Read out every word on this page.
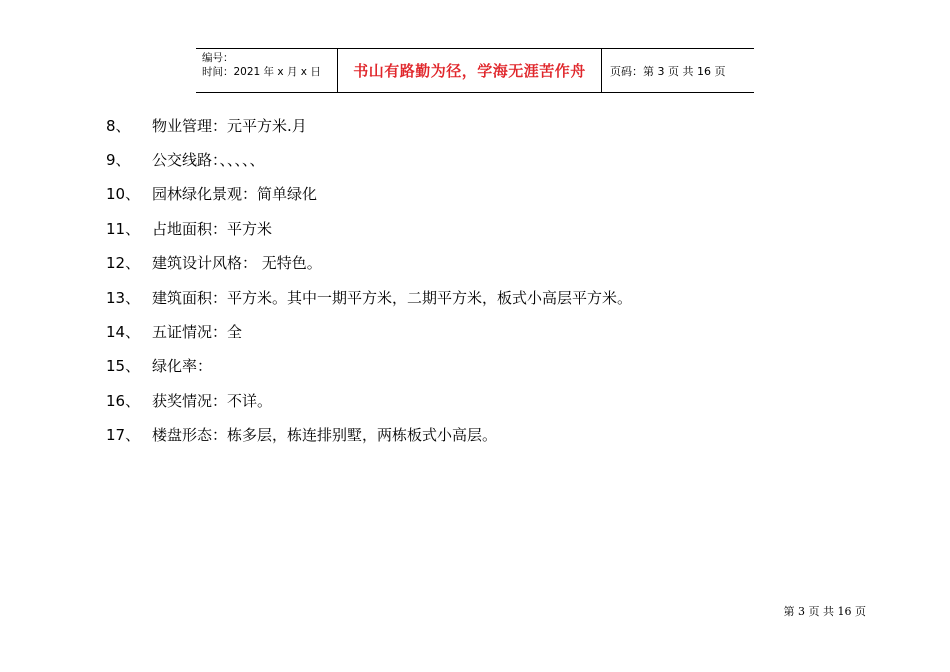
编号：
时间：2021 年 x 月 x 日	书山有路勤为径，学海无涯苦作舟 页码：第 3 页 共 16 页
8、	物业管理：元平方米.月
9、	公交线路：、、、、、
10、 园林绿化景观：简单绿化
11、 占地面积：平方米
12、 建筑设计风格： 无特色。
13、 建筑面积：平方米。其中一期平方米，二期平方米，板式小高层平方米。
14、 五证情况：全
15、 绿化率：
16、 获奖情况：不详。
17、 楼盘形态：栋多层，栋连排别墅，两栋板式小高层。
第 3 页 共 16 页
